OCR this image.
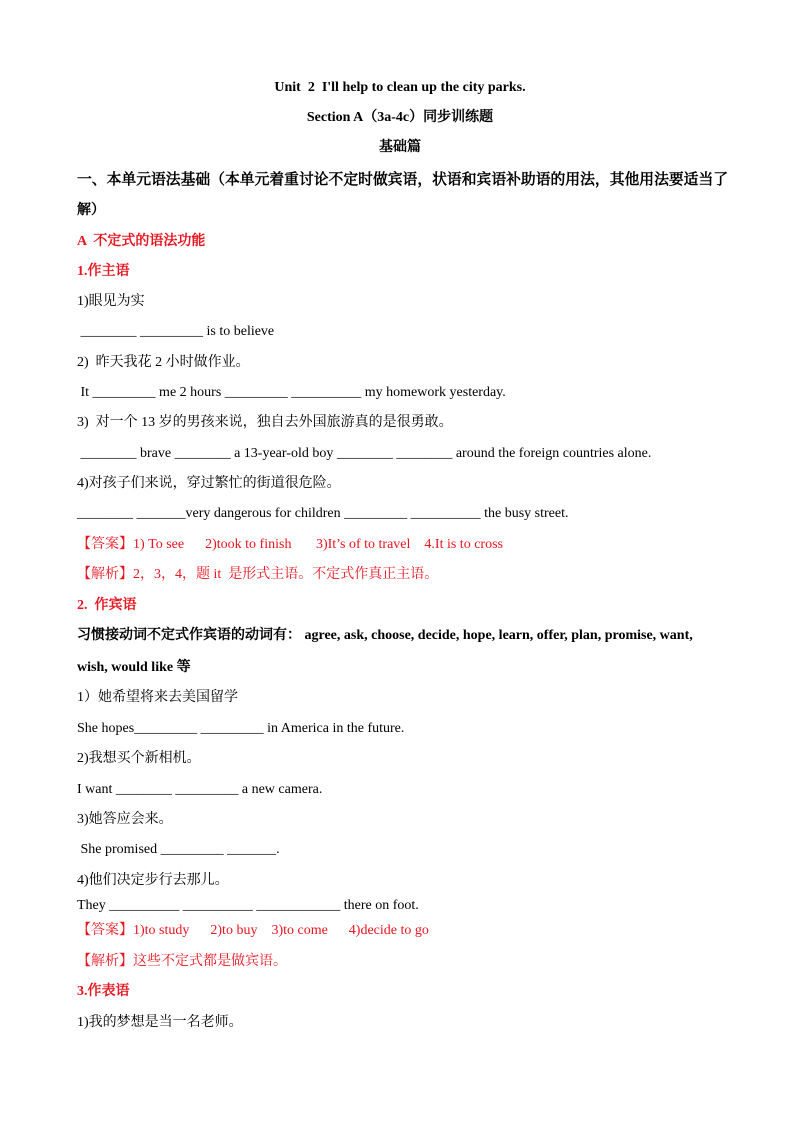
Unit  2  I'll help to clean up the city parks.
Section A（3a-4c）同步训练题
基础篇
一、本单元语法基础（本单元着重讨论不定时做宾语，状语和宾语补助语的用法，其他用法要适当了
解）
A  不定式的语法功能
1.作主语
1)眼见为实
________ _________ is to believe
2)  昨天我花 2 小时做作业。
It _________ me 2 hours _________ __________ my homework yesterday.
3)  对一个 13 岁的男孩来说，独自去外国旅游真的是很勇敢。
________ brave ________ a 13-year-old boy ________ ________ around the foreign countries alone.
4)对孩子们来说，穿过繁忙的街道很危险。
________ _______very dangerous for children _________ __________ the busy street.
【答案】1) To see      2)took to finish       3)It’s of to travel    4.It is to cross
【解析】2，3，4，题 it  是形式主语。不定式作真正主语。
2.  作宾语
习惯接动词不定式作宾语的动词有： agree, ask, choose, decide, hope, learn, offer, plan, promise, want,
wish, would like 等
1）她希望将来去美国留学
She hopes_________ _________ in America in the future.
2)我想买个新相机。
I want ________ _________ a new camera.
3)她答应会来。
She promised _________ _______.
4)他们决定步行去那儿。
They __________ __________ ____________ there on foot.
【答案】1)to study      2)to buy    3)to come      4)decide to go
【解析】这些不定式都是做宾语。
3.作表语
1)我的梦想是当一名老师。
